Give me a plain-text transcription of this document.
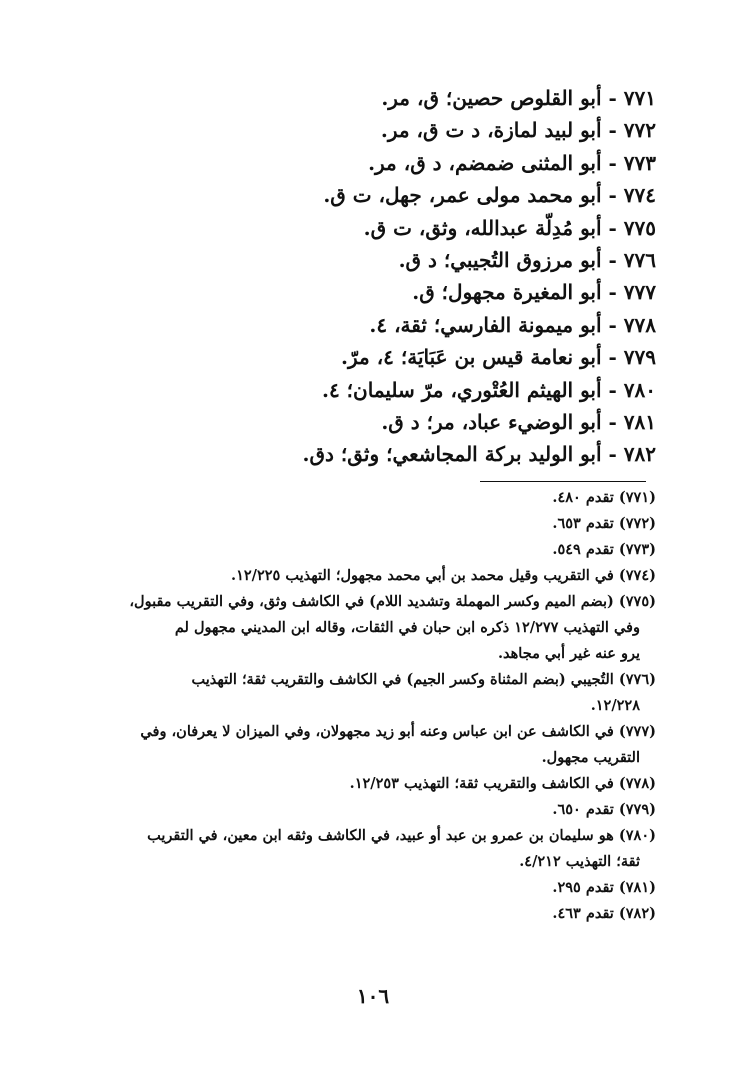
٧٧١ - أبو القلوص حصين؛ ق، مر.
٧٧٢ - أبو لبيد لمازة، د ت ق، مر.
٧٧٣ - أبو المثنى ضمضم، د ق، مر.
٧٧٤ - أبو محمد مولى عمر، جهل، ت ق.
٧٧٥ - أبو مُدِلّة عبدالله، وثق، ت ق.
٧٧٦ - أبو مرزوق التُجيبي؛ د ق.
٧٧٧ - أبو المغيرة مجهول؛ ق.
٧٧٨ - أبو ميمونة الفارسي؛ ثقة، ٤.
٧٧٩ - أبو نعامة قيس بن عَبَايَة؛ ٤، مرّ.
٧٨٠ - أبو الهيثم العُتْوري، مرّ سليمان؛ ٤.
٧٨١ - أبو الوضيء عباد، مر؛ د ق.
٧٨٢ - أبو الوليد بركة المجاشعي؛ وثق؛ دق.
(٧٧١) تقدم ٤٨٠.
(٧٧٢) تقدم ٦٥٣.
(٧٧٣) تقدم ٥٤٩.
(٧٧٤) في التقريب وقيل محمد بن أبي محمد مجهول؛ التهذيب ١٢/٢٢٥.
(٧٧٥) (بضم الميم وكسر المهملة وتشديد اللام) في الكاشف وثق، وفي التقريب مقبول،
وفي التهذيب ١٢/٢٧٧ ذكره ابن حبان في الثقات، وقاله ابن المديني مجهول لم
يرو عنه غير أبي مجاهد.
(٧٧٦) التُجيبي (بضم المثناة وكسر الجيم) في الكاشف والتقريب ثقة؛ التهذيب
١٢/٢٢٨.
(٧٧٧) في الكاشف عن ابن عباس وعنه أبو زيد مجهولان، وفي الميزان لا يعرفان، وفي
التقريب مجهول.
(٧٧٨) في الكاشف والتقريب ثقة؛ التهذيب ١٢/٢٥٣.
(٧٧٩) تقدم ٦٥٠.
(٧٨٠) هو سليمان بن عمرو بن عبد أو عبيد، في الكاشف وثقه ابن معين، في التقريب
ثقة؛ التهذيب ٤/٢١٢.
(٧٨١) تقدم ٢٩٥.
(٧٨٢) تقدم ٤٦٣.
١٠٦
